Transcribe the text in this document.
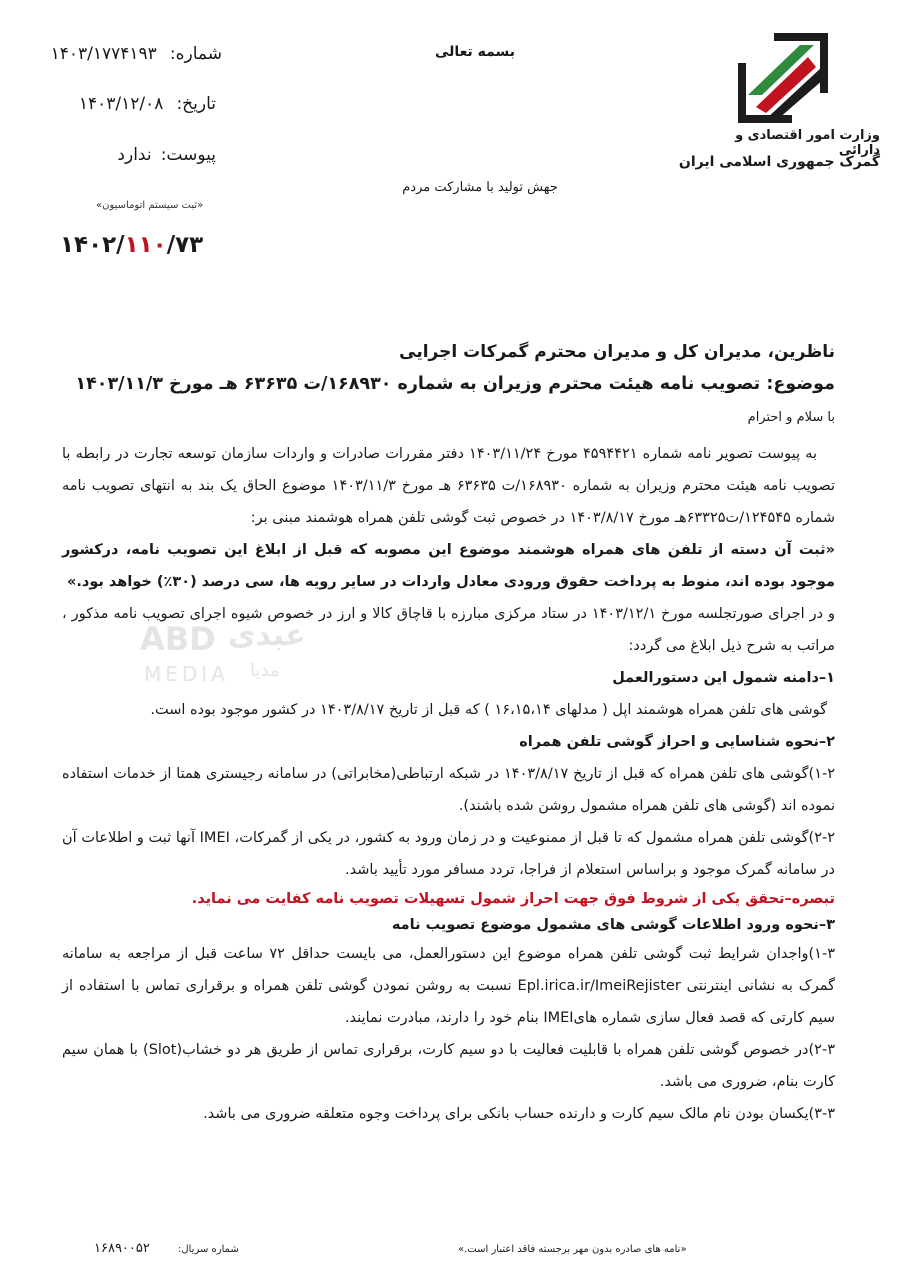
شماره: ۱۴۰۳/۱۷۷۴۱۹۳
تاریخ: ۱۴۰۳/۱۲/۰۸
پیوست: ندارد
«ثبت سیستم اتوماسیون»
۱۴۰۲/۱۱۰/۷۳
بسمه تعالی
جهش تولید با مشارکت مردم
وزارت امور اقتصادی و دارائی
گمرک جمهوری اسلامی ایران
ناظرین، مدیران کل و مدیران محترم گمرکات اجرایی
موضوع: تصویب نامه هیئت محترم وزیران به شماره ۱۶۸۹۳۰/ت ۶۳۶۳۵ هـ مورخ ۱۴۰۳/۱۱/۳
با سلام و احترام

به پیوست تصویر نامه شماره ۴۵۹۴۴۲۱ مورخ ۱۴۰۳/۱۱/۲۴ دفتر مقررات صادرات و واردات سازمان توسعه تجارت در رابطه با تصویب نامه هیئت محترم وزیران به شماره ۱۶۸۹۳۰/ت ۶۳۶۳۵ هـ مورخ ۱۴۰۳/۱۱/۳ موضوع الحاق یک بند به انتهای تصویب نامه شماره ۱۲۴۵۴۵/ت۶۳۳۲۵هـ مورخ ۱۴۰۳/۸/۱۷ در خصوص ثبت گوشی تلفن همراه هوشمند مبنی بر:

«ثبت آن دسته از تلفن های همراه هوشمند موضوع این مصوبه که قبل از ابلاغ این تصویب نامه، درکشور موجود بوده اند، منوط به پرداخت حقوق ورودی معادل واردات در سایر رویه ها، سی درصد (۳۰٪) خواهد بود.»

و در اجرای صورتجلسه مورخ ۱۴۰۳/۱۲/۱ در ستاد مرکزی مبارزه با قاچاق کالا و ارز در خصوص شیوه اجرای تصویب نامه مذکور ، مراتب به شرح ذیل ابلاغ می گردد:

۱–دامنه شمول این دستورالعمل

گوشی های تلفن همراه هوشمند اپل ( مدلهای ۱۶،۱۵،۱۴ ) که قبل از تاریخ ۱۴۰۳/۸/۱۷ در کشور موجود بوده است.

۲–نحوه شناسایی و احراز گوشی تلفن همراه

۱-۲)گوشی های تلفن همراه که قبل از تاریخ ۱۴۰۳/۸/۱۷ در شبکه ارتباطی(مخابراتی) در سامانه رجیستری همتا از خدمات استفاده نموده اند (گوشی های تلفن همراه مشمول روشن شده باشند).

۲-۲)گوشی تلفن همراه مشمول که تا قبل از ممنوعیت و در زمان ورود به کشور، در یکی از گمرکات، IMEI آنها ثبت و اطلاعات آن در سامانه گمرک موجود و براساس استعلام از فراجا، تردد مسافر مورد تأیید باشد.

تبصره–تحقق یکی از شروط فوق جهت احراز شمول تسهیلات تصویب نامه کفایت می نماید.

۳–نحوه ورود اطلاعات گوشی های مشمول موضوع تصویب نامه

۱-۳)واجدان شرایط ثبت گوشی تلفن همراه موضوع این دستورالعمل، می بایست حداقل ۷۲ ساعت قبل از مراجعه به سامانه گمرک به نشانی اینترنتی Epl.irica.ir/ImeiRejister نسبت به روشن نمودن گوشی تلفن همراه و برقراری تماس با استفاده از سیم کارتی که قصد فعال سازی شماره هایIMEI بنام خود را دارند، مبادرت نمایند.

۲-۳)در خصوص گوشی تلفن همراه با قابلیت فعالیت با دو سیم کارت، برقراری تماس از طریق هر دو خشاب(Slot) با همان سیم کارت بنام، ضروری می باشد.

۳-۳)یکسان بودن نام مالک سیم کارت و دارنده حساب بانکی برای پرداخت وجوه متعلقه ضروری می باشد.

ABD عبدی
MEDIA مدیا
«نامه های صادره بدون مهر برجسته فاقد اعتبار است.»
شماره سریال:
۱۶۸۹۰۰۵۲
